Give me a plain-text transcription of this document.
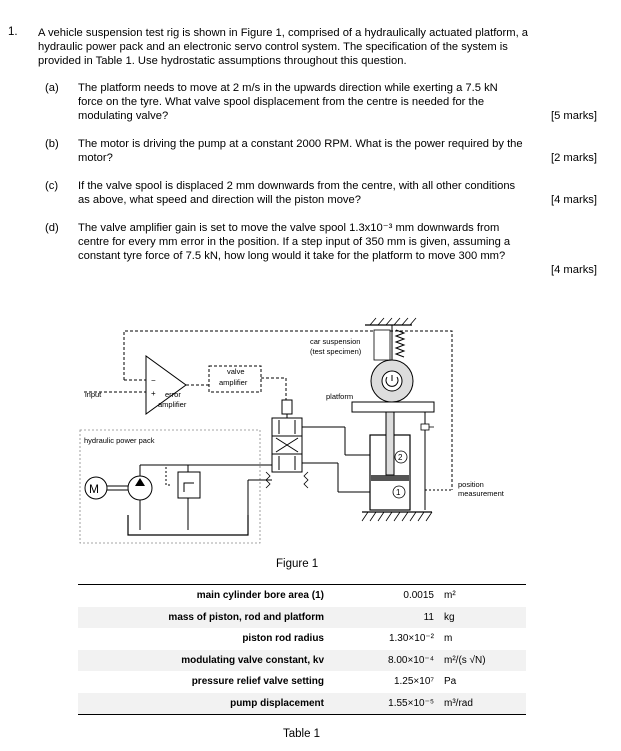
1. A vehicle suspension test rig is shown in Figure 1, comprised of a hydraulically actuated platform, a hydraulic power pack and an electronic servo control system. The specification of the system is provided in Table 1. Use hydrostatic assumptions throughout this question.
(a) The platform needs to move at 2 m/s in the upwards direction while exerting a 7.5 kN force on the tyre. What valve spool displacement from the centre is needed for the modulating valve?	[5 marks]
(b) The motor is driving the pump at a constant 2000 RPM. What is the power required by the motor?	[2 marks]
(c) If the valve spool is displaced 2 mm downwards from the centre, with all other conditions as above, what speed and direction will the piston move?	[4 marks]
(d) The valve amplifier gain is set to move the valve spool 1.3x10⁻³ mm downwards from centre for every mm error in the position. If a step input of 350 mm is given, assuming a constant tyre force of 7.5 kN, how long would it take for the platform to move 300 mm?
[4 marks]
−
+
input	error
amplifier
valve
amplifier
hydraulic power pack
M
2
1
platform
position
measurement
car suspension
(test specimen)
Figure 1
main cylinder bore area (1)	0.0015	m²
mass of piston, rod and platform	11	kg
piston rod radius	1.30×10⁻²	m
modulating valve constant, kv	8.00×10⁻⁴	m²/(s √N)
pressure relief valve setting	1.25×10⁷	Pa
pump displacement	1.55×10⁻⁵	m³/rad
Table 1
